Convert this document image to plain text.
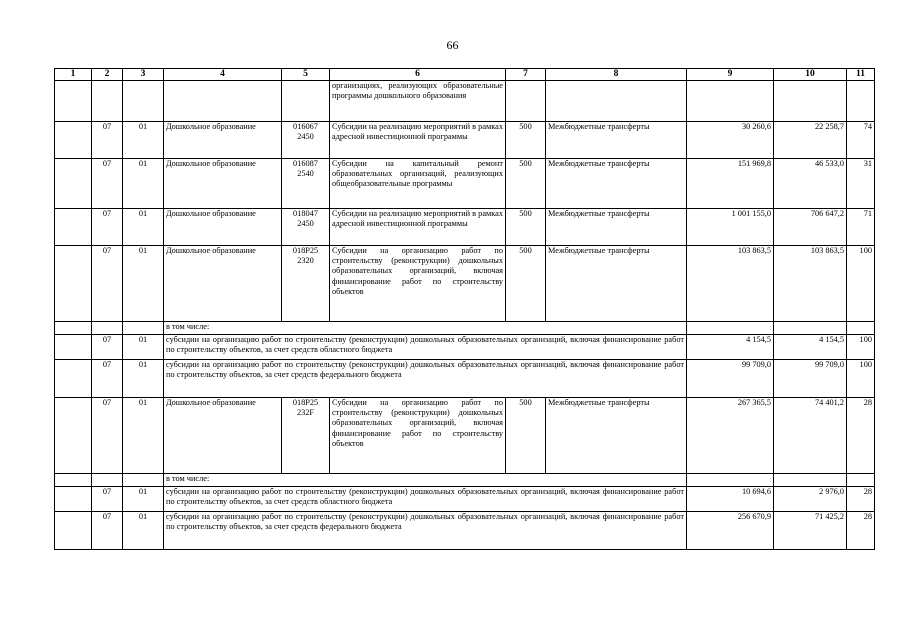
66
1	2	3	4	5	6	7	8	9	10	11
					организациях, реализующих образовательные программы дошкольного образования					
	07	01	Дошкольное образование	016067 2450	Субсидии на реализацию мероприятий в рамках адресной инвестиционной программы	500	Межбюджетные трансферты	30 260,6	22 258,7	74
	07	01	Дошкольное образование	016087 2540	Субсидии на капитальный ремонт образовательных организаций, реализующих общеобразовательные программы	500	Межбюджетные трансферты	151 969,8	46 533,0	31
	07	01	Дошкольное образование	018047 2450	Субсидии на реализацию мероприятий в рамках адресной инвестиционной программы	500	Межбюджетные трансферты	1 001 155,0	706 647,2	71
	07	01	Дошкольное образование	018P25 2320	Субсидии на организацию работ по строительству (реконструкции) дошкольных образовательных организаций, включая финансирование работ по строительству объектов	500	Межбюджетные трансферты	103 863,5	103 863,5	100
			в том числе:							
	07	01	субсидии на организацию работ по строительству (реконструкции) дошкольных образовательных организаций, включая финансирование работ по строительству объектов, за счет средств областного бюджета					4 154,5	4 154,5	100
	07	01	субсидии на организацию работ по строительству (реконструкции) дошкольных образовательных организаций, включая финансирование работ по строительству объектов, за счет средств федерального бюджета					99 709,0	99 709,0	100
	07	01	Дошкольное образование	018P25 232F	Субсидии на организацию работ по строительству (реконструкции) дошкольных образовательных организаций, включая финансирование работ по строительству объектов	500	Межбюджетные трансферты	267 365,5	74 401,2	28
			в том числе:							
	07	01	субсидии на организацию работ по строительству (реконструкции) дошкольных образовательных организаций, включая финансирование работ по строительству объектов, за счет средств областного бюджета					10 694,6	2 976,0	28
	07	01	субсидии на организацию работ по строительству (реконструкции) дошкольных образовательных организаций, включая финансирование работ по строительству объектов, за счет средств федерального бюджета					256 670,9	71 425,2	28
